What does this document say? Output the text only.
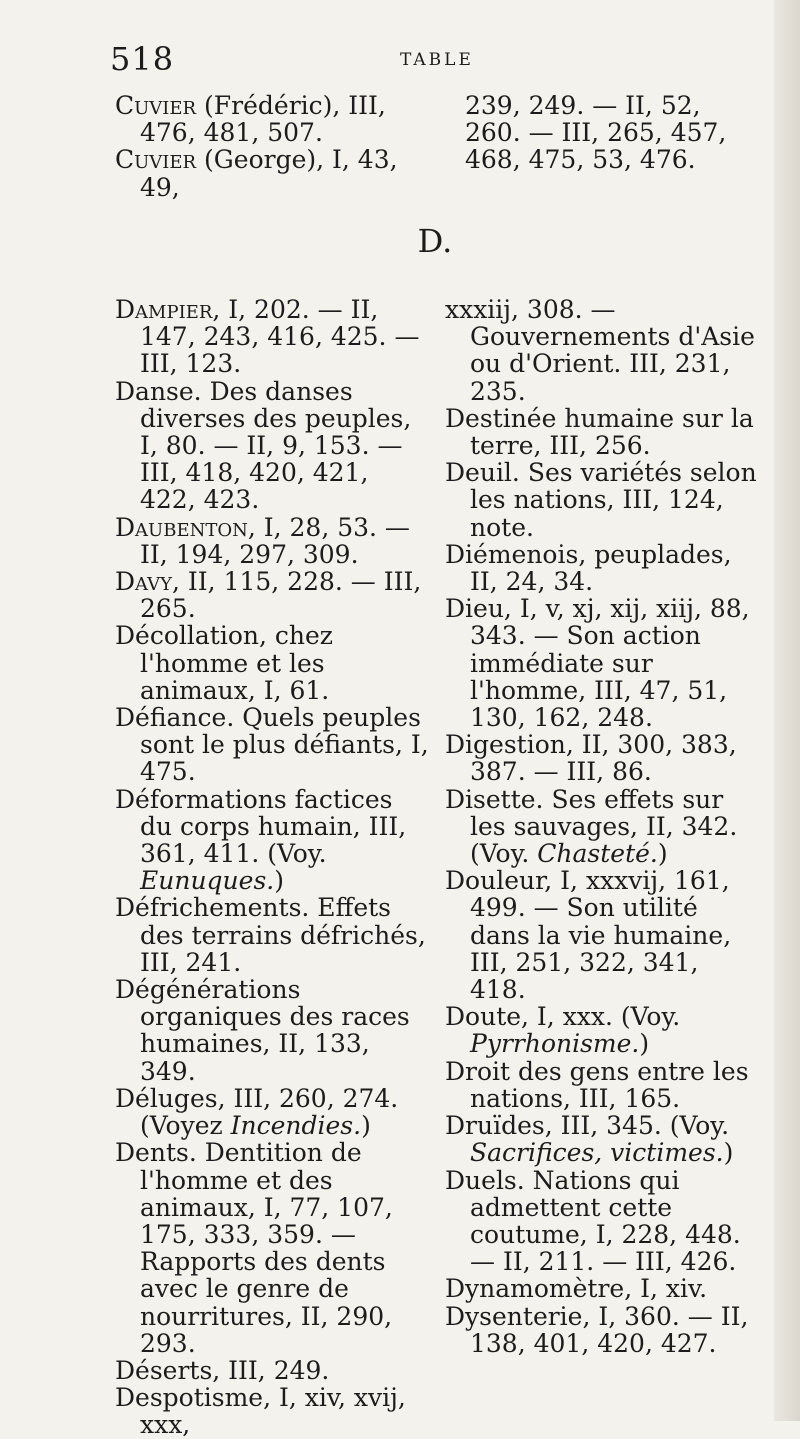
518	TABLE

Cuvier (Frédéric), III, 476, 481, 507.

Cuvier (George), I, 43, 49,

239, 249. — II, 52, 260. — III, 265, 457, 468, 475, 53, 476.

D.

Dampier, I, 202. — II, 147, 243, 416, 425. — III, 123.

Danse. Des danses diverses des peuples, I, 80. — II, 9, 153. — III, 418, 420, 421, 422, 423.

Daubenton, I, 28, 53. — II, 194, 297, 309.

Davy, II, 115, 228. — III, 265.

Décollation, chez l'homme et les animaux, I, 61.

Défiance. Quels peuples sont le plus défiants, I, 475.

Déformations factices du corps humain, III, 361, 411. (Voy. Eunuques.)

Défrichements. Effets des terrains défrichés, III, 241.

Dégénérations organiques des races humaines, II, 133, 349.

Déluges, III, 260, 274. (Voyez Incendies.)

Dents. Dentition de l'homme et des animaux, I, 77, 107, 175, 333, 359. — Rapports des dents avec le genre de nourritures, II, 290, 293.

Déserts, III, 249.

Despotisme, I, xiv, xvij, xxx,

xxxiij, 308. — Gouvernements d'Asie ou d'Orient. III, 231, 235.

Destinée humaine sur la terre, III, 256.

Deuil. Ses variétés selon les nations, III, 124, note.

Diémenois, peuplades, II, 24, 34.

Dieu, I, v, xj, xij, xiij, 88, 343. — Son action immédiate sur l'homme, III, 47, 51, 130, 162, 248.

Digestion, II, 300, 383, 387. — III, 86.

Disette. Ses effets sur les sauvages, II, 342. (Voy. Chasteté.)

Douleur, I, xxxvij, 161, 499. — Son utilité dans la vie humaine, III, 251, 322, 341, 418.

Doute, I, xxx. (Voy. Pyrrhonisme.)

Droit des gens entre les nations, III, 165.

Druïdes, III, 345. (Voy. Sacrifices, victimes.)

Duels. Nations qui admettent cette coutume, I, 228, 448. — II, 211. — III, 426.

Dynamomètre, I, xiv.

Dysenterie, I, 360. — II, 138, 401, 420, 427.
